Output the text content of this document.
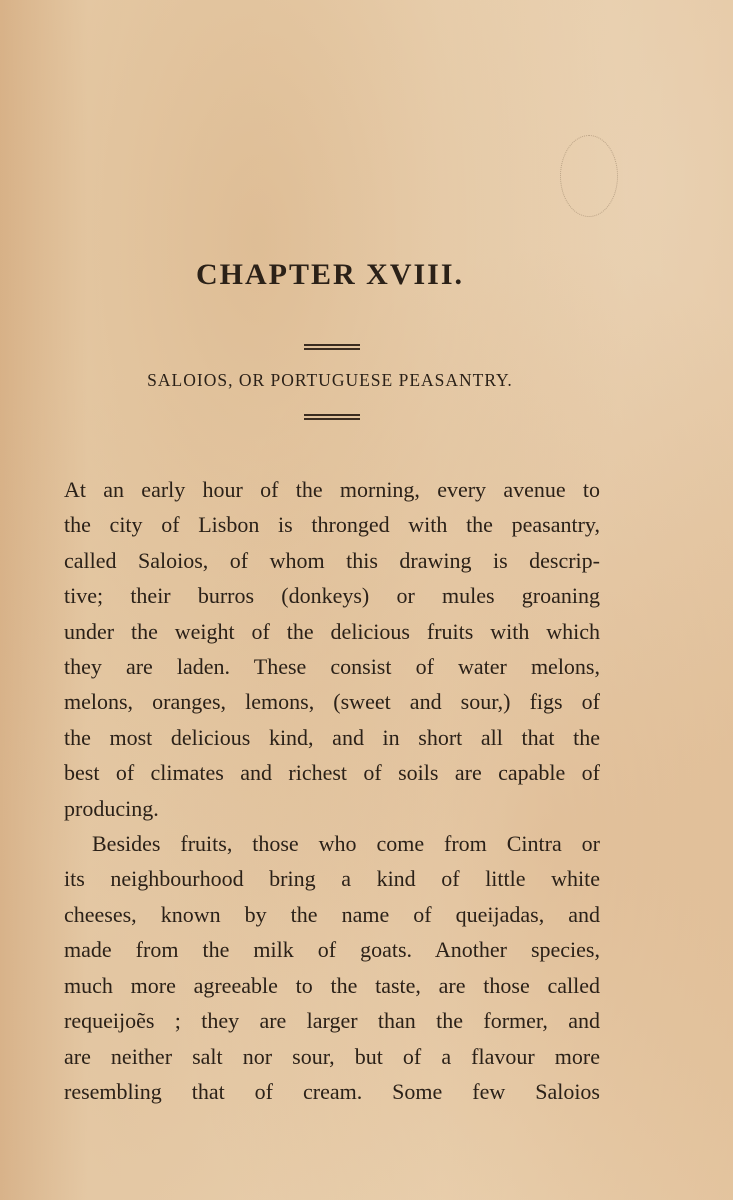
CHAPTER XVIII.
SALOIOS, OR PORTUGUESE PEASANTRY.
At an early hour of the morning, every avenue to
the city of Lisbon is thronged with the peasantry,
called Saloios, of whom this drawing is descrip-
tive; their burros (donkeys) or mules groaning
under the weight of the delicious fruits with which
they are laden. These consist of water melons,
melons, oranges, lemons, (sweet and sour,) figs of
the most delicious kind, and in short all that the
best of climates and richest of soils are capable of
producing.
Besides fruits, those who come from Cintra or
its neighbourhood bring a kind of little white
cheeses, known by the name of queijadas, and
made from the milk of goats. Another species,
much more agreeable to the taste, are those called
requeijoẽs ; they are larger than the former, and
are neither salt nor sour, but of a flavour more
resembling that of cream. Some few Saloios
